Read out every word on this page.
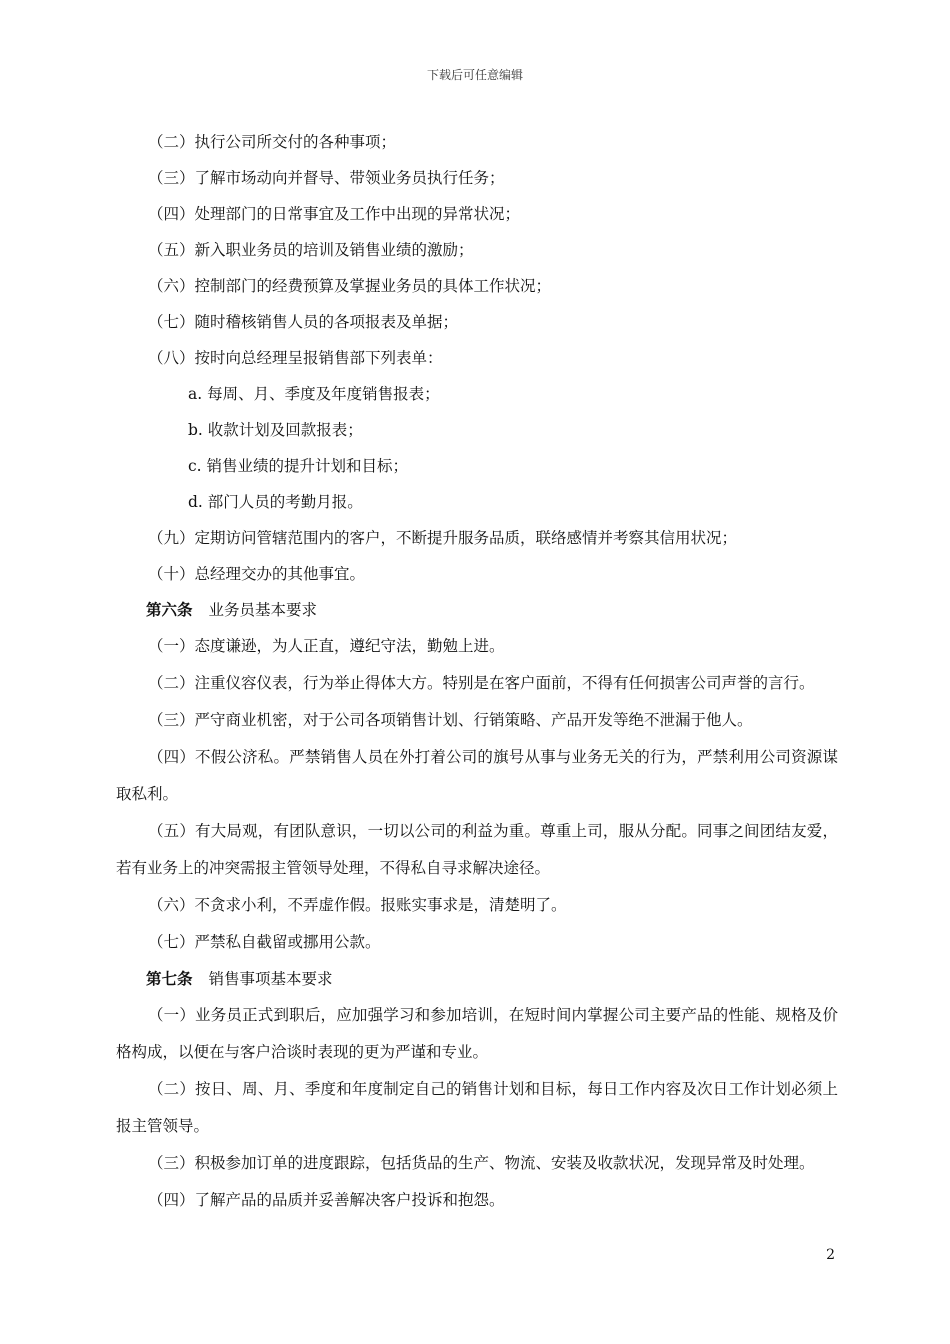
下载后可任意编辑
（二）执行公司所交付的各种事项；
（三）了解市场动向并督导、带领业务员执行任务；
（四）处理部门的日常事宜及工作中出现的异常状况；
（五）新入职业务员的培训及销售业绩的激励；
（六）控制部门的经费预算及掌握业务员的具体工作状况；
（七）随时稽核销售人员的各项报表及单据；
（八）按时向总经理呈报销售部下列表单：
a. 每周、月、季度及年度销售报表；
b. 收款计划及回款报表；
c. 销售业绩的提升计划和目标；
d. 部门人员的考勤月报。
（九）定期访问管辖范围内的客户，不断提升服务品质，联络感情并考察其信用状况；
（十）总经理交办的其他事宜。
第六条 业务员基本要求
（一）态度谦逊，为人正直，遵纪守法，勤勉上进。
（二）注重仪容仪表，行为举止得体大方。特别是在客户面前，不得有任何损害公司声誉的言行。
（三）严守商业机密，对于公司各项销售计划、行销策略、产品开发等绝不泄漏于他人。
（四）不假公济私。严禁销售人员在外打着公司的旗号从事与业务无关的行为，严禁利用公司资源谋取私利。
（五）有大局观，有团队意识，一切以公司的利益为重。尊重上司，服从分配。同事之间团结友爱，若有业务上的冲突需报主管领导处理，不得私自寻求解决途径。
（六）不贪求小利，不弄虚作假。报账实事求是，清楚明了。
（七）严禁私自截留或挪用公款。
第七条 销售事项基本要求
（一）业务员正式到职后，应加强学习和参加培训，在短时间内掌握公司主要产品的性能、规格及价格构成，以便在与客户洽谈时表现的更为严谨和专业。
（二）按日、周、月、季度和年度制定自己的销售计划和目标，每日工作内容及次日工作计划必须上报主管领导。
（三）积极参加订单的进度跟踪，包括货品的生产、物流、安装及收款状况，发现异常及时处理。
（四）了解产品的品质并妥善解决客户投诉和抱怨。
2
